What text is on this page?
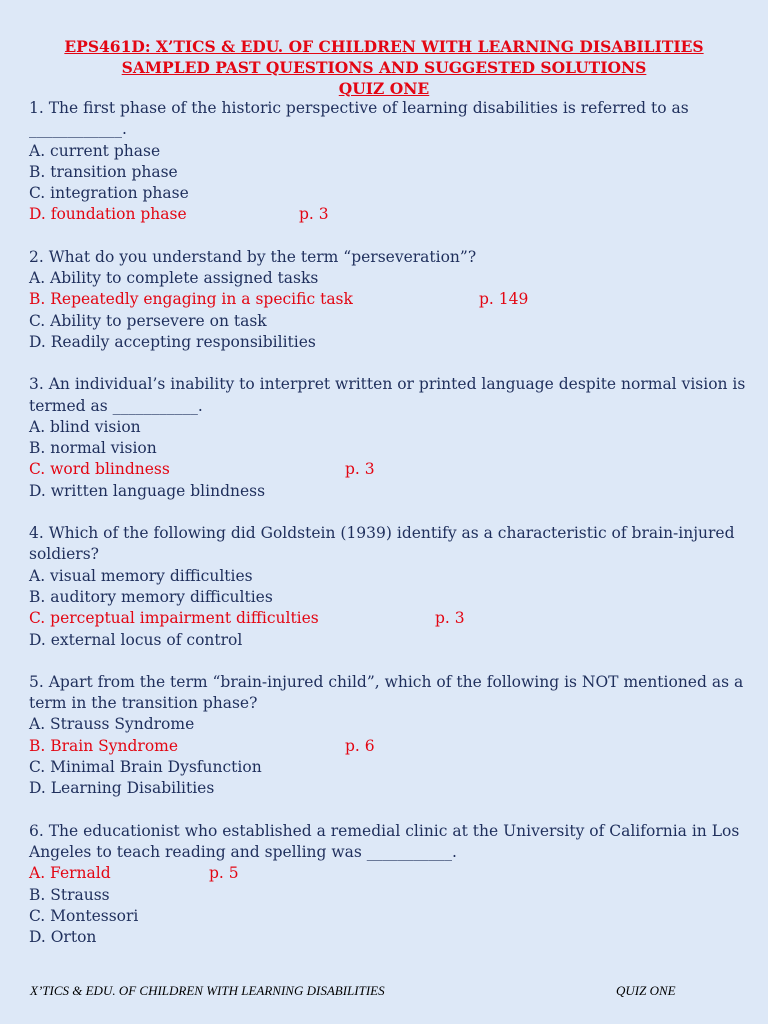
EPS461D: X’TICS & EDU. OF CHILDREN WITH LEARNING DISABILITIES
SAMPLED PAST QUESTIONS AND SUGGESTED SOLUTIONS
QUIZ ONE
1. The first phase of the historic perspective of learning disabilities is referred to as ____________.
A. current phase
B. transition phase
C. integration phase
D. foundation phase	p. 3
2. What do you understand by the term “perseveration”?
A. Ability to complete assigned tasks
B. Repeatedly engaging in a specific task	p. 149
C. Ability to persevere on task
D. Readily accepting responsibilities
3. An individual’s inability to interpret written or printed language despite normal vision is termed as ___________.
A. blind vision
B. normal vision
C. word blindness	p. 3
D. written language blindness
4. Which of the following did Goldstein (1939) identify as a characteristic of brain-injured soldiers?
A. visual memory difficulties
B. auditory memory difficulties
C. perceptual impairment difficulties	p. 3
D. external locus of control
5. Apart from the term “brain-injured child”, which of the following is NOT mentioned as a term in the transition phase?
A. Strauss Syndrome
B. Brain Syndrome	p. 6
C. Minimal Brain Dysfunction
D. Learning Disabilities
6. The educationist who established a remedial clinic at the University of California in Los Angeles to teach reading and spelling was ___________.
A. Fernald	p. 5
B. Strauss
C. Montessori
D. Orton
X’TICS & EDU. OF CHILDREN WITH LEARNING DISABILITIES	QUIZ ONE
